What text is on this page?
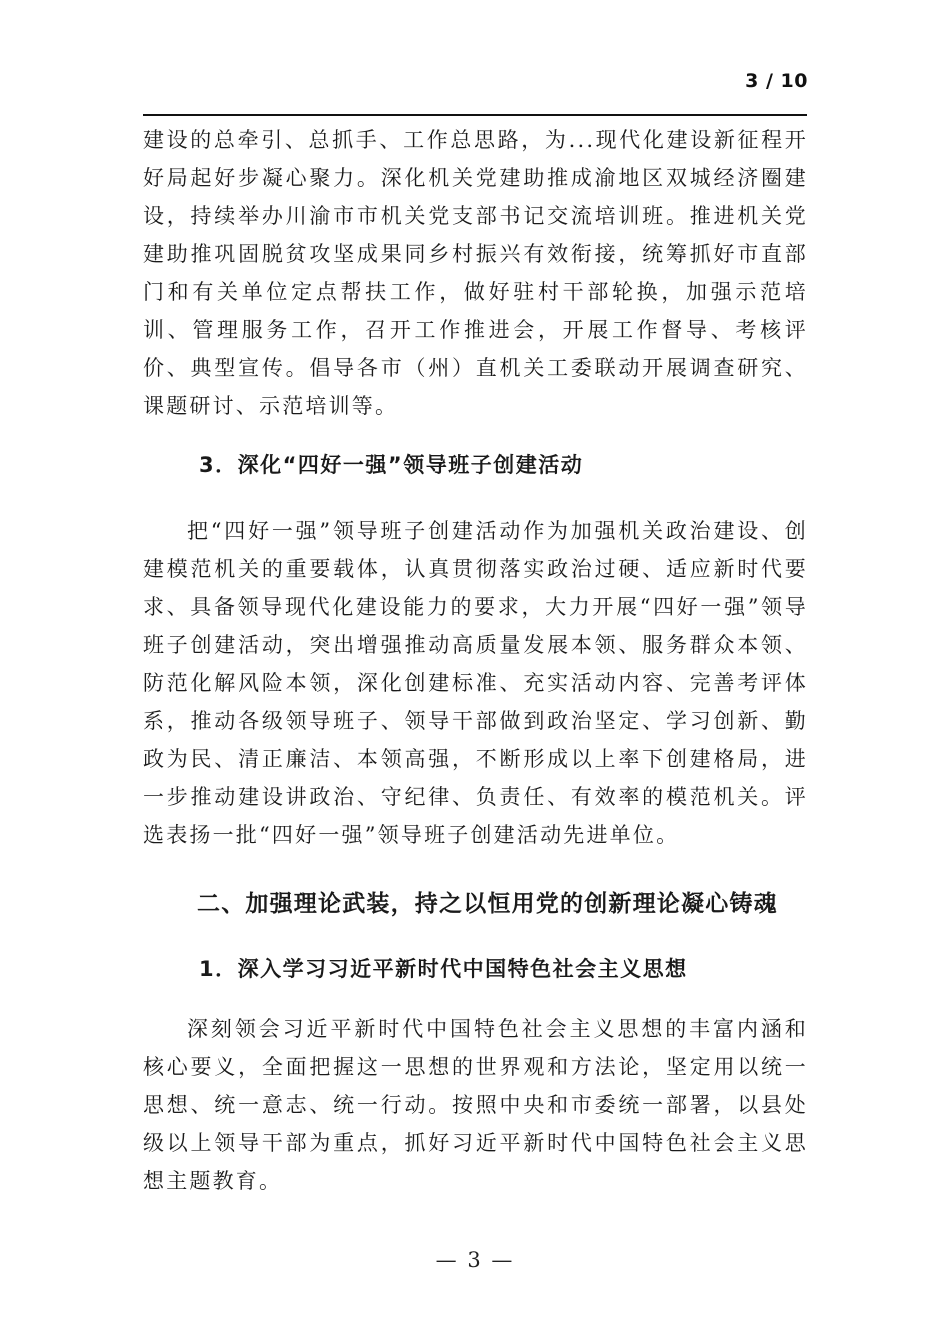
3 / 10

建设的总牵引、总抓手、工作总思路，为...现代化建设新征程开好局起好步凝心聚力。深化机关党建助推成渝地区双城经济圈建设，持续举办川渝市市机关党支部书记交流培训班。推进机关党建助推巩固脱贫攻坚成果同乡村振兴有效衔接，统筹抓好市直部门和有关单位定点帮扶工作，做好驻村干部轮换，加强示范培训、管理服务工作，召开工作推进会，开展工作督导、考核评价、典型宣传。倡导各市（州）直机关工委联动开展调查研究、课题研讨、示范培训等。

3．深化“四好一强”领导班子创建活动

把“四好一强”领导班子创建活动作为加强机关政治建设、创建模范机关的重要载体，认真贯彻落实政治过硬、适应新时代要求、具备领导现代化建设能力的要求，大力开展“四好一强”领导班子创建活动，突出增强推动高质量发展本领、服务群众本领、防范化解风险本领，深化创建标准、充实活动内容、完善考评体系，推动各级领导班子、领导干部做到政治坚定、学习创新、勤政为民、清正廉洁、本领高强，不断形成以上率下创建格局，进一步推动建设讲政治、守纪律、负责任、有效率的模范机关。评选表扬一批“四好一强”领导班子创建活动先进单位。

二、加强理论武装，持之以恒用党的创新理论凝心铸魂
1．深入学习习近平新时代中国特色社会主义思想

深刻领会习近平新时代中国特色社会主义思想的丰富内涵和核心要义，全面把握这一思想的世界观和方法论，坚定用以统一思想、统一意志、统一行动。按照中央和市委统一部署，以县处级以上领导干部为重点，抓好习近平新时代中国特色社会主义思想主题教育。

— 3 —
